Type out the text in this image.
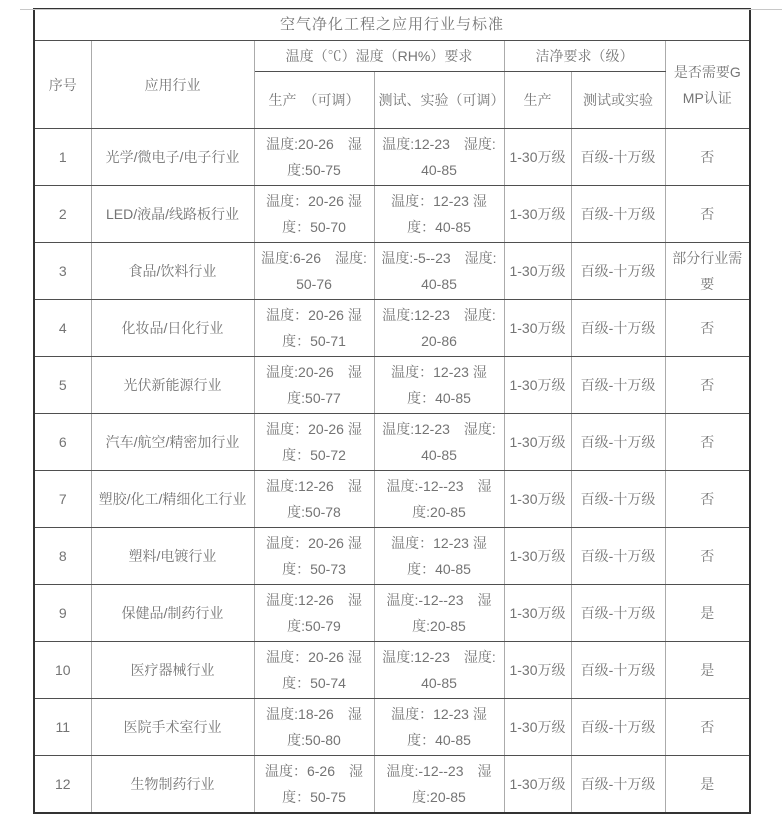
空气净化工程之应用行业与标准						
序号	应用行业	温度（℃）湿度（RH%）要求		洁净要求（级）		是否需要GMP认证
		生产　（可调）	测试、实验（可调）	生产	测试或实验	
1	光学/微电子/电子行业	温度:20-26　湿度:50-75	温度:12-23　湿度:40-85	1-30万级	百级-十万级	否
2	LED/液晶/线路板行业	温度：20-26 湿度：50-70	温度：12-23 湿度：40-85	1-30万级	百级-十万级	否
3	食品/饮料行业	温度:6-26　湿度:50-76	温度:-5--23　湿度:40-85	1-30万级	百级-十万级	部分行业需要
4	化妆品/日化行业	温度：20-26 湿度：50-71	温度:12-23　湿度:20-86	1-30万级	百级-十万级	否
5	光伏新能源行业	温度:20-26　湿度:50-77	温度：12-23 湿度：40-85	1-30万级	百级-十万级	否
6	汽车/航空/精密加行业	温度：20-26 湿度：50-72	温度:12-23　湿度:40-85	1-30万级	百级-十万级	否
7	塑胶/化工/精细化工行业	温度:12-26　湿度:50-78	温度:-12--23　湿度:20-85	1-30万级	百级-十万级	否
8	塑料/电镀行业	温度：20-26 湿度：50-73	温度：12-23 湿度：40-85	1-30万级	百级-十万级	否
9	保健品/制药行业	温度:12-26　湿度:50-79	温度:-12--23　湿度:20-85	1-30万级	百级-十万级	是
10	医疗器械行业	温度：20-26 湿度：50-74	温度:12-23　湿度:40-85	1-30万级	百级-十万级	是
11	医院手术室行业	温度:18-26　湿度:50-80	温度：12-23 湿度：40-85	1-30万级	百级-十万级	否
12	生物制药行业	温度：6-26　湿度：50-75	温度:-12--23　湿度:20-85	1-30万级	百级-十万级	是
